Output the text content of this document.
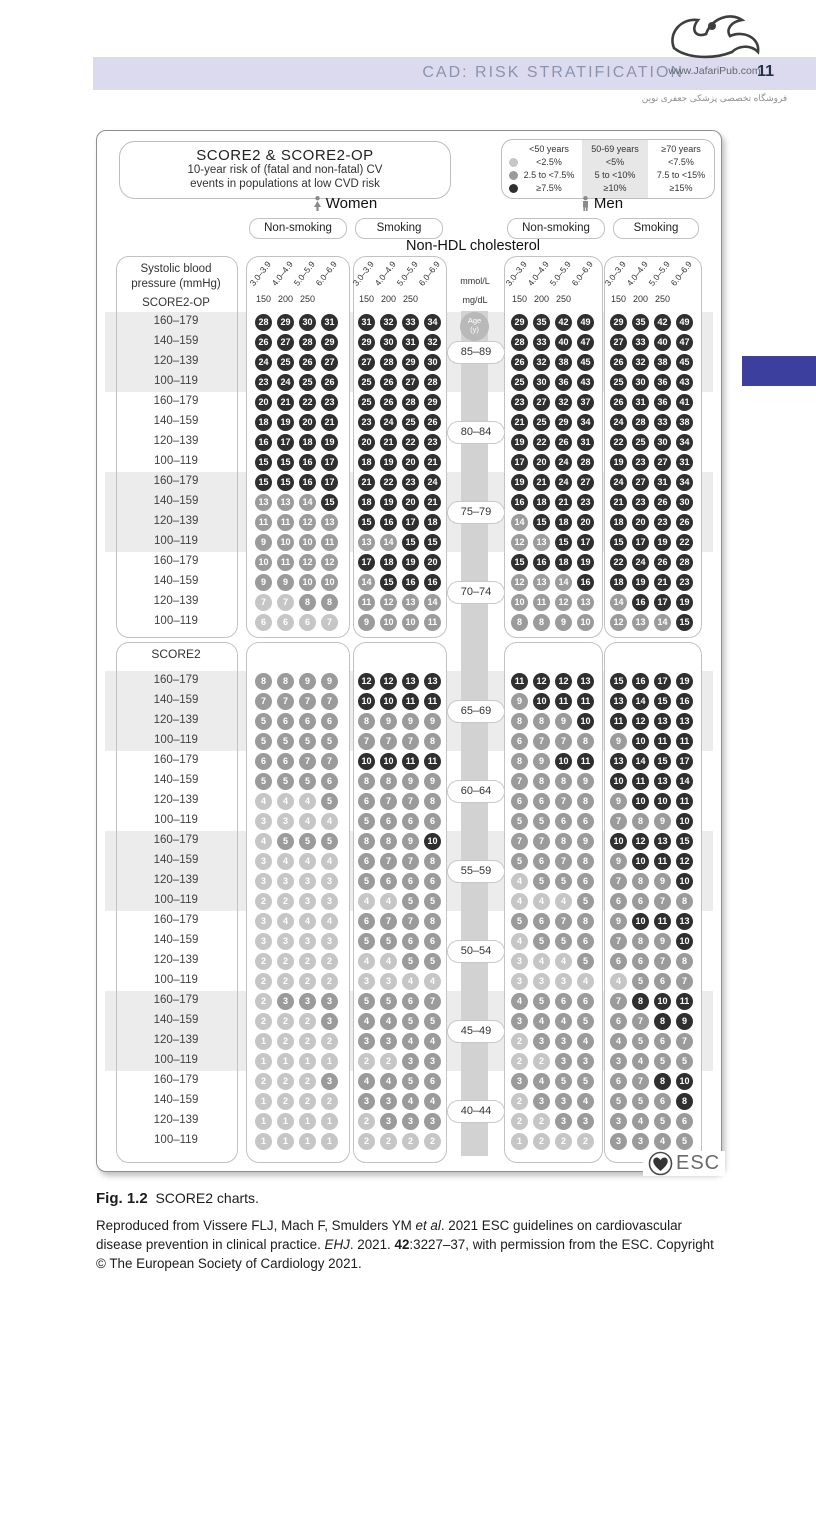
CAD: RISK STRATIFICATION	11
www.JafariPub.com
فروشگاه تخصصی پزشکی جعفری نوین
Age
(y)
SCORE2 & SCORE2-OP
10-year risk of (fatal and non-fatal) CV
events in populations at low CVD risk
<50 years
<2.5%
2.5 to <7.5%
≥7.5%
50-69 years
<5%
5 to <10%
≥10%
≥70 years
<7.5%
7.5 to <15%
≥15%
Women	Men
Non-smoking	Smoking	Non-smoking	Smoking
Non-HDL cholesterol
Systolic blood
pressure (mmHg)
SCORE2-OP
SCORE2
mmol/L
mg/dL
3.0–3.9
150
4.0–4.9
200
5.0–5.9
250
6.0–6.9 3.0–3.9
150
4.0–4.9
200
5.0–5.9
250
6.0–6.9	3.0–3.9
150
4.0–4.9
200
5.0–5.9
250
6.0–6.9 3.0–3.9
150
4.0–4.9
200
5.0–5.9
250
6.0–6.9
160–179	28	29	30	31	31	32	33	34	29	35	42	49	29	35	42	49
140–159	26	27	28	29	29	30	31	32	28	33	40	47	27	33	40	47
120–139	24	25	26	27	27	28	29	30	26	32	38	45	26	32	38	45
100–119	23	24	25	26	25	26	27	28	25	30	36	43	25	30	36	43
85–89
160–179	20	21	22	23	25	26	28	29	23	27	32	37	26	31	36	41
140–159	18	19	20	21	23	24	25	26	21	25	29	34	24	28	33	38
120–139	16	17	18	19	20	21	22	23	19	22	26	31	22	25	30	34
100–119	15	15	16	17	18	19	20	21	17	20	24	28	19	23	27	31
80–84
160–179	15	15	16	17	21	22	23	24	19	21	24	27	24	27	31	34
140–159	13	13	14	15	18	19	20	21	16	18	21	23	21	23	26	30
120–139	11	11	12	13	15	16	17	18	14	15	18	20	18	20	23	26
100–119	9	10	10	11	13	14	15	15	12	13	15	17	15	17	19	22
75–79
160–179	10	11	12	12	17	18	19	20	15	16	18	19	22	24	26	28
140–159	9	9	10	10	14	15	16	16	12	13	14	16	18	19	21	23
120–139	7	7	8	8	11	12	13	14	10	11	12	13	14	16	17	19
100–119	6	6	6	7	9	10	10	11	8	8	9	10	12	13	14	15
70–74
160–179	8	8	9	9	12	12	13	13	11	12	12	13	15	16	17	19
140–159	7	7	7	7	10	10	11	11	9	10	11	11	13	14	15	16
120–139	5	6	6	6	8	9	9	9	8	8	9	10	11	12	13	13
100–119	5	5	5	5	7	7	7	8	6	7	7	8	9	10	11	11
65–69
160–179	6	6	7	7	10	10	11	11	8	9	10	11	13	14	15	17
140–159	5	5	5	6	8	8	9	9	7	8	8	9	10	11	13	14
120–139	4	4	4	5	6	7	7	8	6	6	7	8	9	10	10	11
100–119	3	3	4	4	5	6	6	6	5	5	6	6	7	8	9	10
60–64
160–179	4	5	5	5	8	8	9	10	7	7	8	9	10	12	13	15
140–159	3	4	4	4	6	7	7	8	5	6	7	8	9	10	11	12
120–139	3	3	3	3	5	6	6	6	4	5	5	6	7	8	9	10
100–119	2	2	3	3	4	4	5	5	4	4	4	5	6	6	7	8
55–59
160–179	3	4	4	4	6	7	7	8	5	6	7	8	9	10	11	13
140–159	3	3	3	3	5	5	6	6	4	5	5	6	7	8	9	10
120–139	2	2	2	2	4	4	5	5	3	4	4	5	6	6	7	8
100–119	2	2	2	2	3	3	4	4	3	3	3	4	4	5	6	7
50–54
160–179	2	3	3	3	5	5	6	7	4	5	6	6	7	8	10	11
140–159	2	2	2	3	4	4	5	5	3	4	4	5	6	7	8	9
120–139	1	2	2	2	3	3	4	4	2	3	3	4	4	5	6	7
100–119	1	1	1	1	2	2	3	3	2	2	3	3	3	4	5	5
45–49
160–179	2	2	2	3	4	4	5	6	3	4	5	5	6	7	8	10
140–159	1	2	2	2	3	3	4	4	2	3	3	4	5	5	6	8
120–139	1	1	1	1	2	3	3	3	2	2	3	3	3	4	5	6
100–119	1	1	1	1	2	2	2	2	1	2	2	2	3	3	4	5
40–44
ESC
Fig. 1.2 SCORE2 charts.
Reproduced from Vissere FLJ, Mach F, Smulders YM et al. 2021 ESC guidelines on cardiovascular disease prevention in clinical practice. EHJ. 2021. 42:3227–37, with permission from the ESC. Copyright © The European Society of Cardiology 2021.
